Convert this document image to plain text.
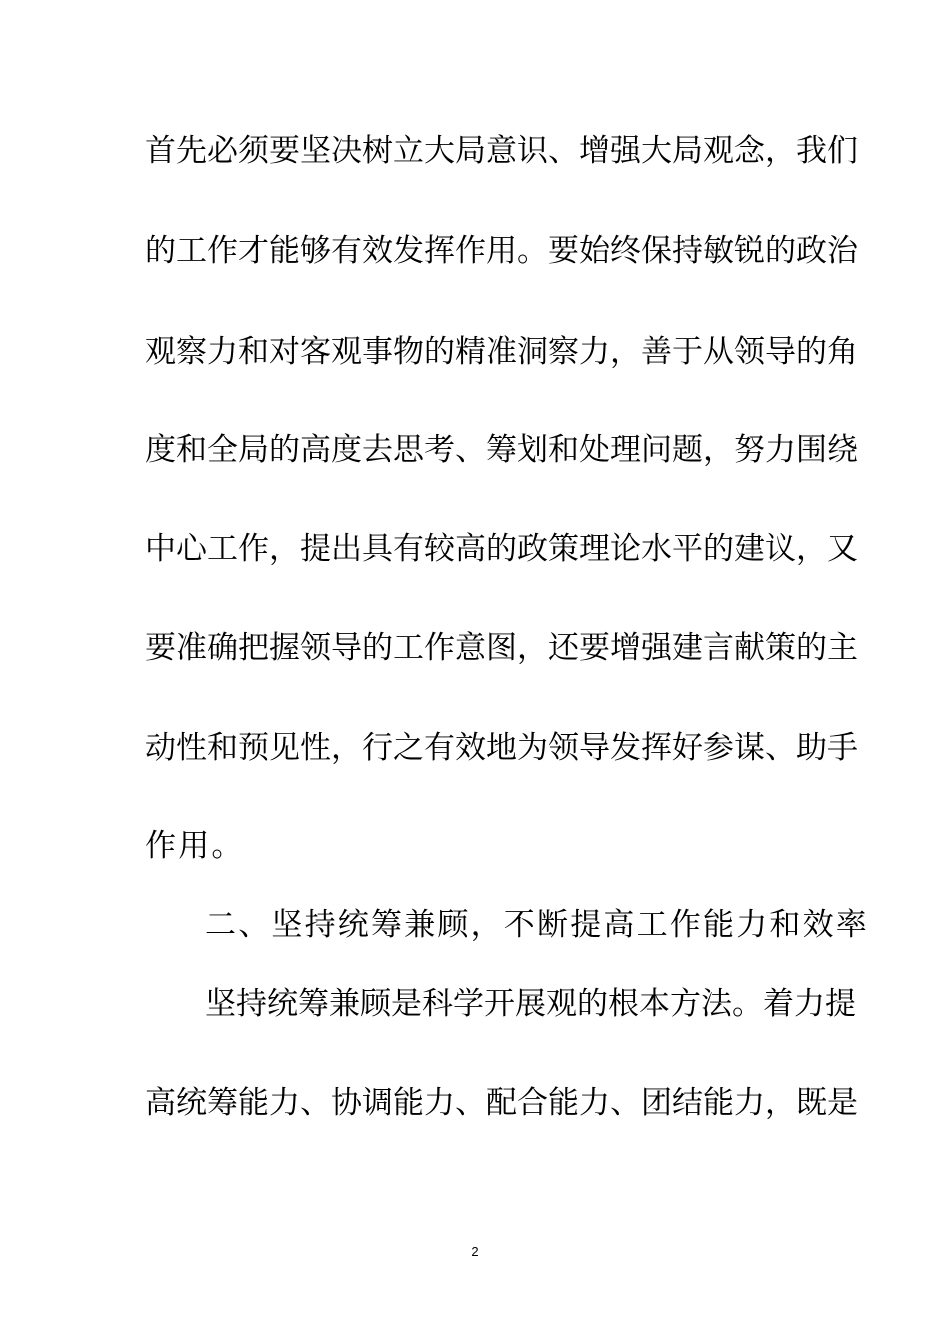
首先必须要坚决树立大局意识、增强大局观念，我们
的工作才能够有效发挥作用。要始终保持敏锐的政治
观察力和对客观事物的精准洞察力，善于从领导的角
度和全局的高度去思考、筹划和处理问题，努力围绕
中心工作，提出具有较高的政策理论水平的建议，又
要准确把握领导的工作意图，还要增强建言献策的主
动性和预见性，行之有效地为领导发挥好参谋、助手
作用。
二、坚持统筹兼顾，不断提高工作能力和效率
坚持统筹兼顾是科学开展观的根本方法。着力提
高统筹能力、协调能力、配合能力、团结能力，既是
2
